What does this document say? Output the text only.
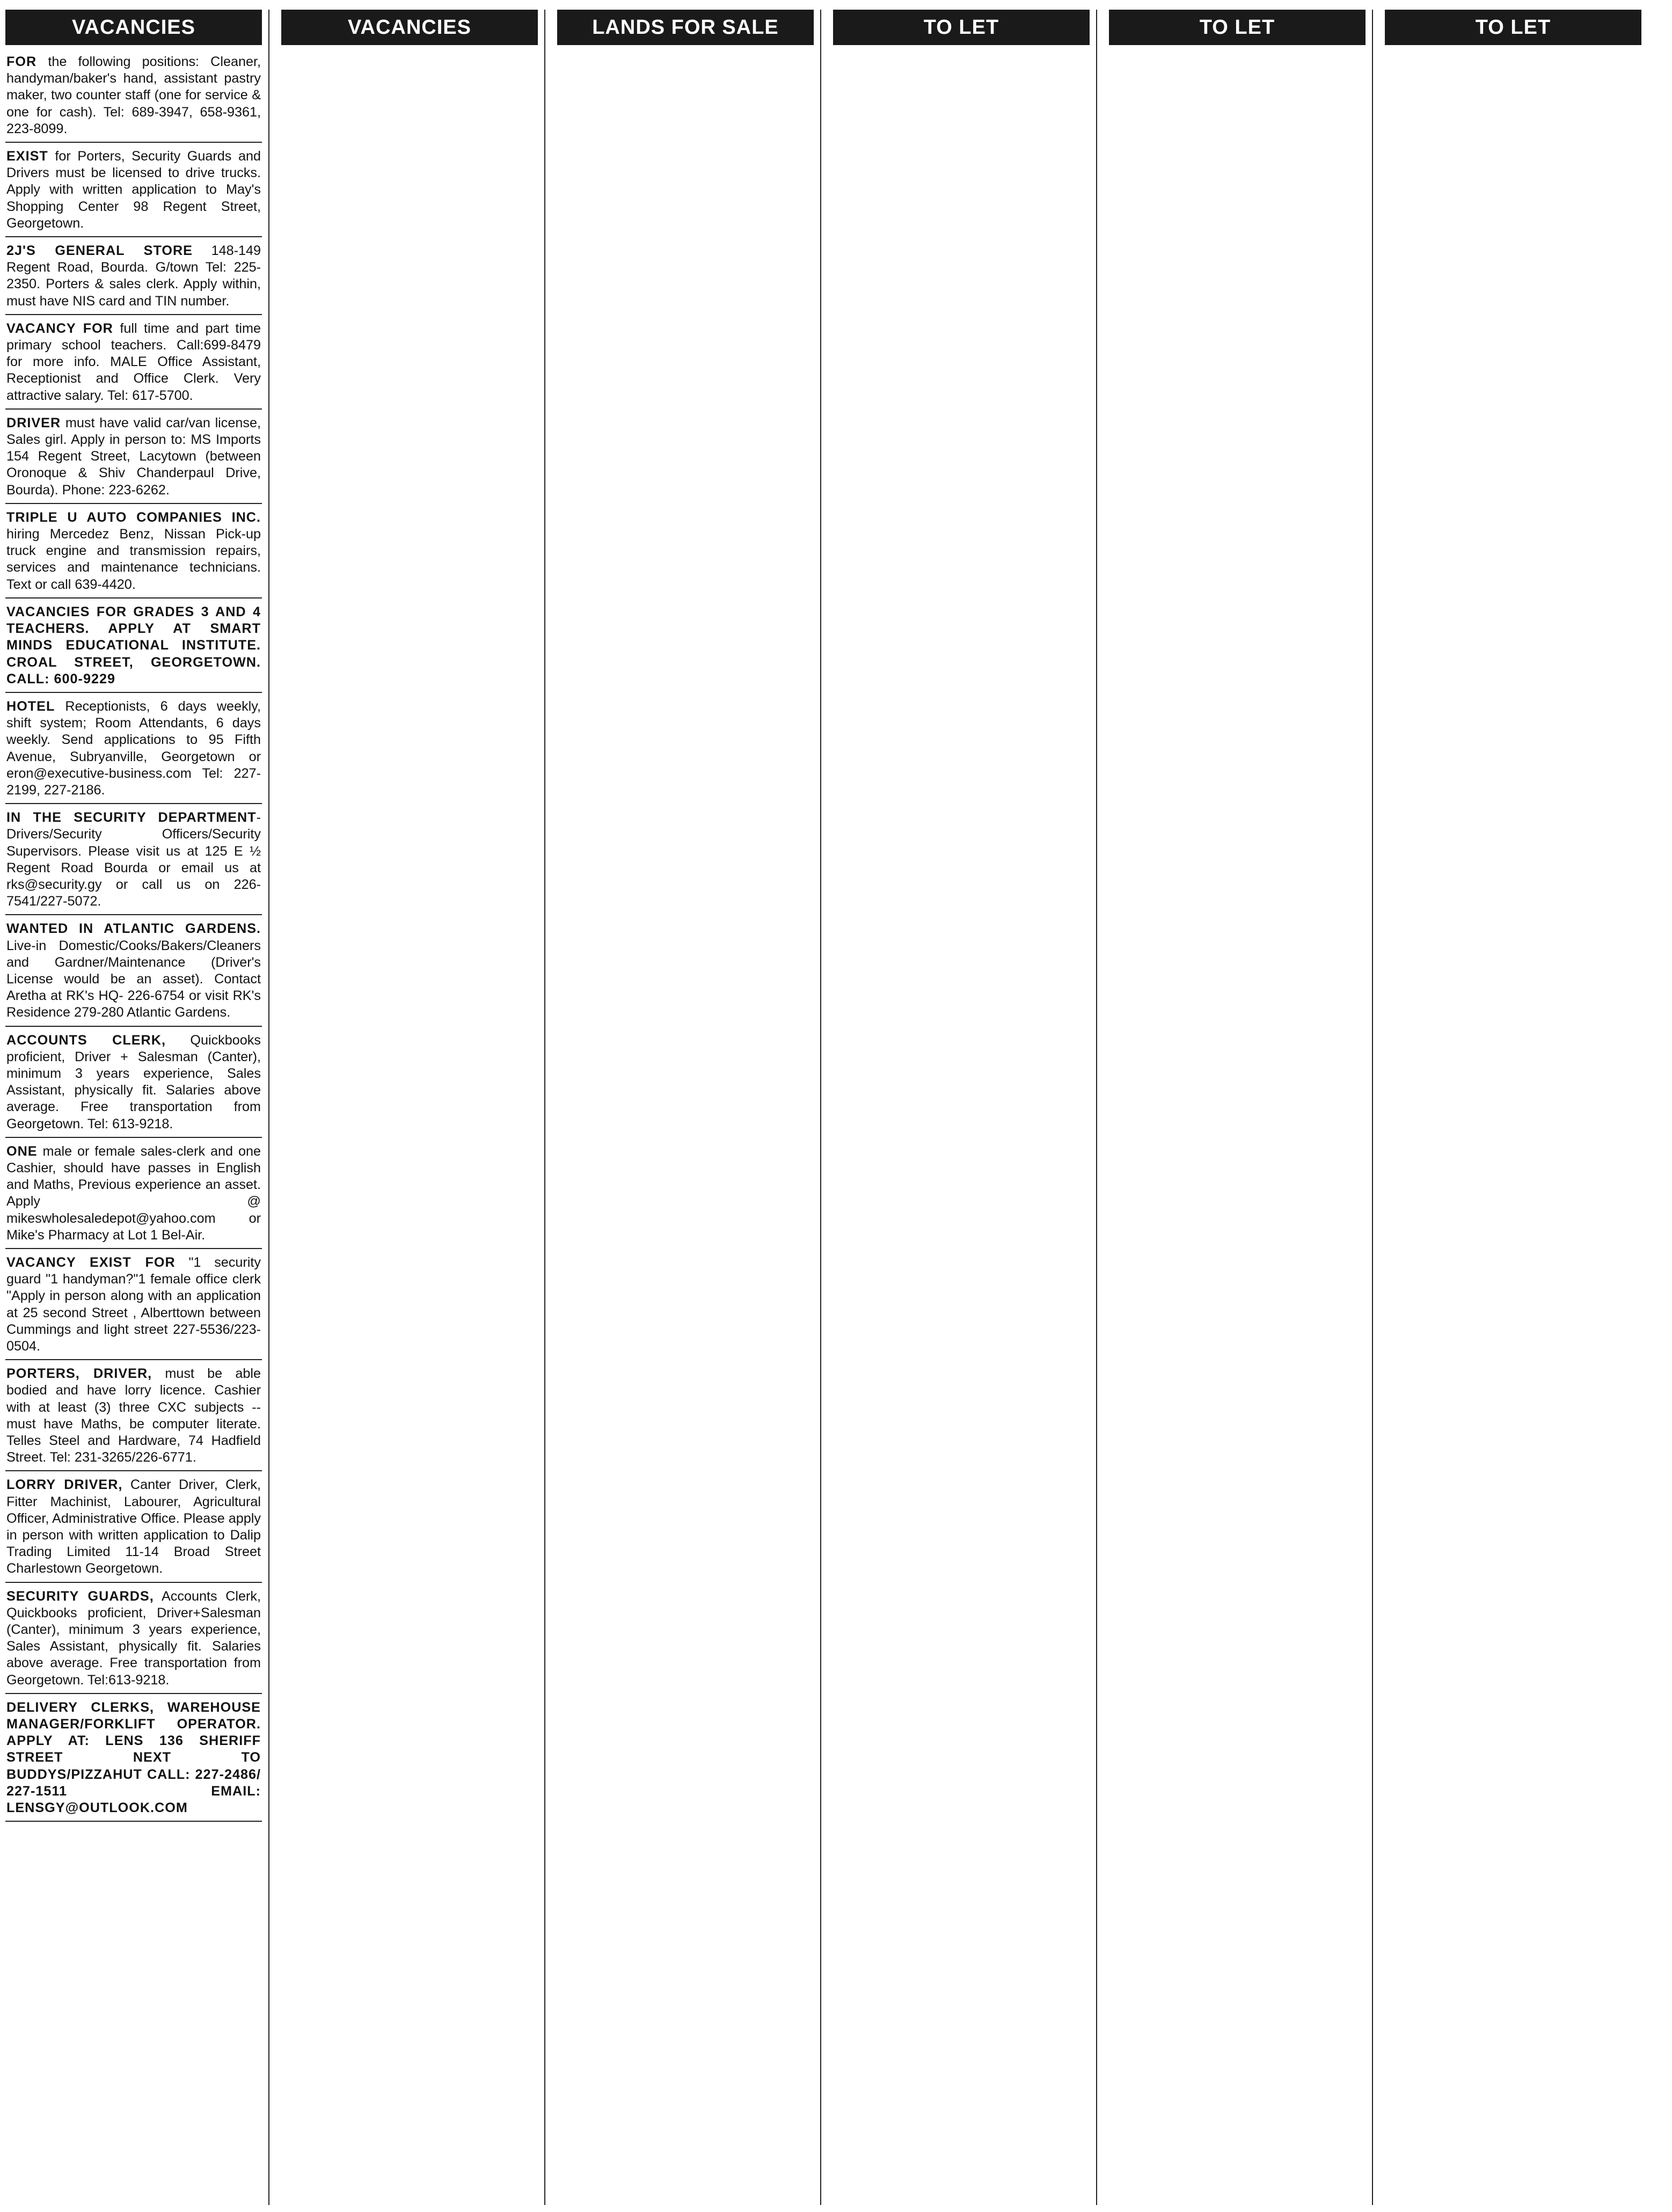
VACANCIES
FOR the following positions: Cleaner, handyman/baker's hand, assistant pastry maker, two counter staff (one for service & one for cash). Tel: 689-3947, 658-9361, 223-8099.
EXIST for Porters, Security Guards and Drivers must be licensed to drive trucks. Apply with written application to May's Shopping Center 98 Regent Street, Georgetown.
2J'S GENERAL STORE 148-149 Regent Road, Bourda. G/town Tel: 225-2350. Porters & sales clerk. Apply within, must have NIS card and TIN number.
VACANCY FOR full time and part time primary school teachers. Call:699-8479 for more info. MALE Office Assistant, Receptionist and Office Clerk. Very attractive salary. Tel: 617-5700.
DRIVER must have valid car/van license, Sales girl. Apply in person to: MS Imports 154 Regent Street, Lacytown (between Oronoque & Shiv Chanderpaul Drive, Bourda). Phone: 223-6262.
TRIPLE U AUTO COMPANIES INC. hiring Mercedez Benz, Nissan Pick-up truck engine and transmission repairs, services and maintenance technicians. Text or call 639-4420.
VACANCIES FOR GRADES 3 AND 4 TEACHERS. APPLY AT SMART MINDS EDUCATIONAL INSTITUTE. CROAL STREET, GEORGETOWN. CALL: 600-9229
HOTEL Receptionists, 6 days weekly, shift system; Room Attendants, 6 days weekly. Send applications to 95 Fifth Avenue, Subryanville, Georgetown or eron@executive-business.com Tel: 227-2199, 227-2186.
IN THE SECURITY DEPARTMENT- Drivers/Security Officers/Security Supervisors. Please visit us at 125 E ½ Regent Road Bourda or email us at rks@security.gy or call us on 226-7541/227-5072.
WANTED IN ATLANTIC GARDENS. Live-in Domestic/Cooks/Bakers/Cleaners and Gardner/Maintenance (Driver's License would be an asset). Contact Aretha at RK's HQ- 226-6754 or visit RK's Residence 279-280 Atlantic Gardens.
ACCOUNTS CLERK, Quickbooks proficient, Driver + Salesman (Canter), minimum 3 years experience, Sales Assistant, physically fit. Salaries above average. Free transportation from Georgetown. Tel: 613-9218.
ONE male or female sales-clerk and one Cashier, should have passes in English and Maths, Previous experience an asset. Apply @ mikeswholesaledepot@yahoo.com or Mike's Pharmacy at Lot 1 Bel-Air.
VACANCY EXIST FOR "1 security guard "1 handyman?"1 female office clerk "Apply in person along with an application at 25 second Street , Alberttown between Cummings and light street 227-5536/223-0504.
PORTERS, DRIVER, must be able bodied and have lorry licence. Cashier with at least (3) three CXC subjects -- must have Maths, be computer literate. Telles Steel and Hardware, 74 Hadfield Street. Tel: 231-3265/226-6771.
LORRY DRIVER, Canter Driver, Clerk, Fitter Machinist, Labourer, Agricultural Officer, Administrative Office. Please apply in person with written application to Dalip Trading Limited 11-14 Broad Street Charlestown Georgetown.
SECURITY GUARDS, Accounts Clerk, Quickbooks proficient, Driver+Salesman (Canter), minimum 3 years experience, Sales Assistant, physically fit. Salaries above average. Free transportation from Georgetown. Tel:613-9218.
DELIVERY CLERKS, WAREHOUSE MANAGER/FORKLIFT OPERATOR. APPLY AT: LENS 136 SHERIFF STREET NEXT TO BUDDYS/PIZZAHUT CALL: 227-2486/ 227-1511 EMAIL: LENSGY@OUTLOOK.COM
VACANCIES	LANDS FOR SALE	TO LET	TO LET	TO LET
